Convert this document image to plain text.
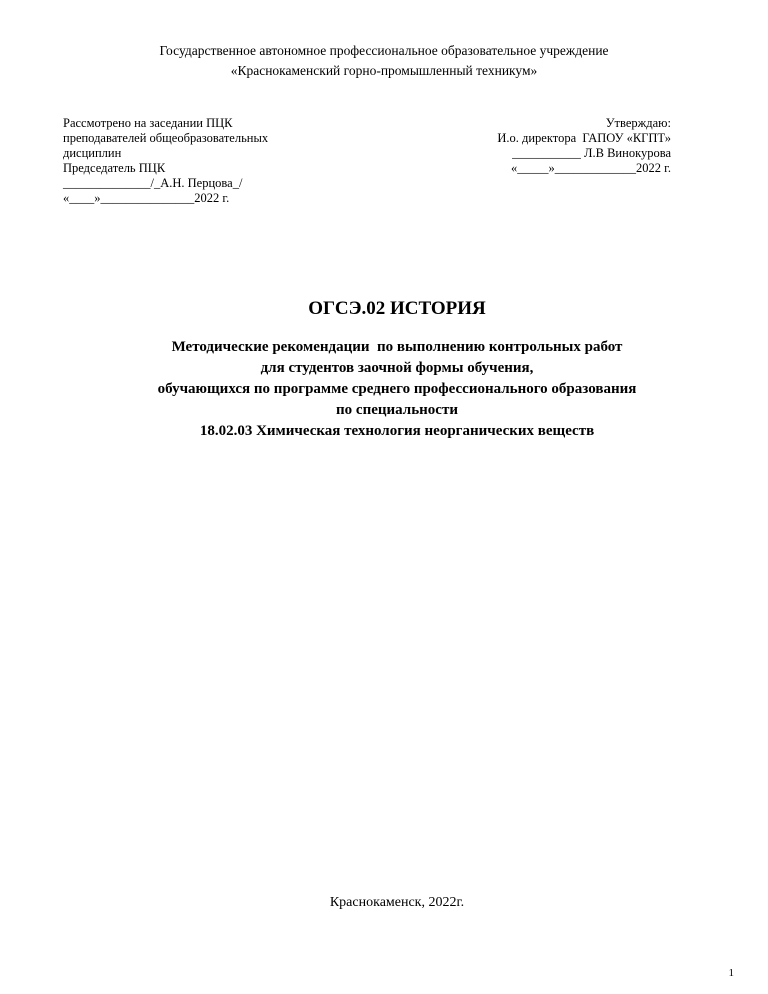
Государственное автономное профессиональное образовательное учреждение
«Краснокаменский горно-промышленный техникум»
Рассмотрено на заседании ПЦК
преподавателей общеобразовательных
дисциплин
Председатель ПЦК
______________/_А.Н. Перцова_/
«____»_______________2022 г.
Утверждаю:
И.о. директора  ГАПОУ «КГПТ»
___________ Л.В Винокурова
«_____»_____________2022 г.
ОГСЭ.02 ИСТОРИЯ
Методические рекомендации  по выполнению контрольных работ
для студентов заочной формы обучения,
обучающихся по программе среднего профессионального образования
по специальности
18.02.03 Химическая технология неорганических веществ
Краснокаменск, 2022г.
1
